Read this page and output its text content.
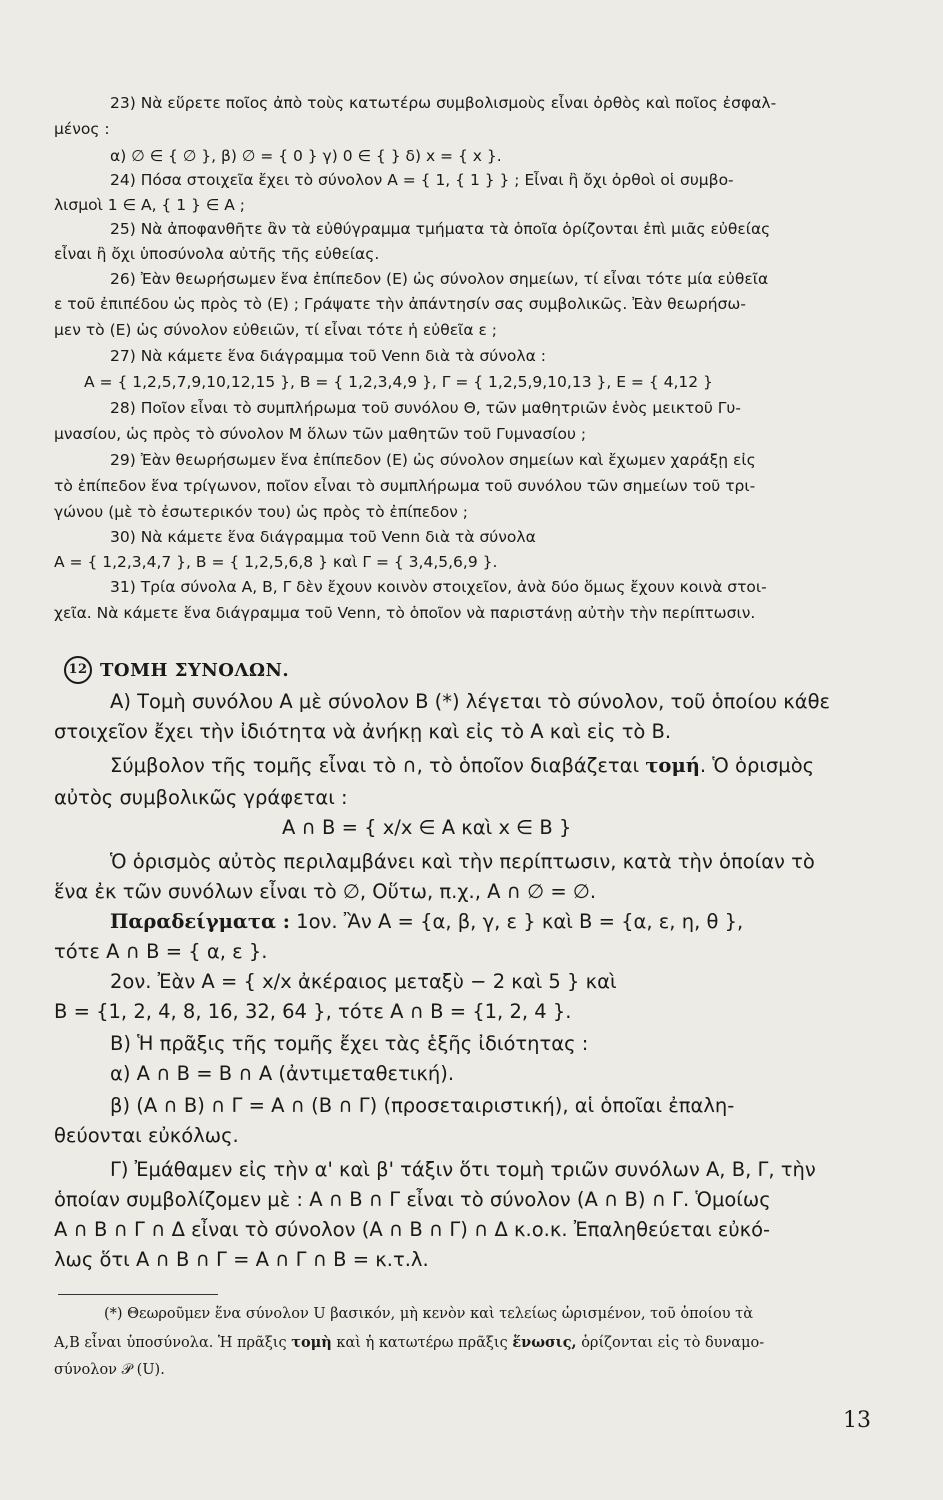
23) Νὰ εὕρετε ποῖος ἀπὸ τοὺς κατωτέρω συμβολισμοὺς εἶναι ὀρθὸς καὶ ποῖος ἐσφαλ-
μένος :
α) ∅ ∈ { ∅ }, β) ∅ = { 0 } γ) 0 ∈ { } δ) x = { x }.
24) Πόσα στοιχεῖα ἔχει τὸ σύνολον A = { 1, { 1 } } ; Εἶναι ἢ ὄχι ὀρθοὶ οἱ συμβο-
λισμοὶ 1 ∈ A, { 1 } ∈ A ;
25) Νὰ ἀποφανθῆτε ἂν τὰ εὐθύγραμμα τμήματα τὰ ὁποῖα ὁρίζονται ἐπὶ μιᾶς εὐθείας
εἶναι ἢ ὄχι ὑποσύνολα αὐτῆς τῆς εὐθείας.
26) Ἐὰν θεωρήσωμεν ἕνα ἐπίπεδον (E) ὡς σύνολον σημείων, τί εἶναι τότε μία εὐθεῖα
ε τοῦ ἐπιπέδου ὡς πρὸς τὸ (E) ; Γράψατε τὴν ἀπάντησίν σας συμβολικῶς. Ἐὰν θεωρήσω-
μεν τὸ (E) ὡς σύνολον εὐθειῶν, τί εἶναι τότε ἡ εὐθεῖα ε ;
27) Νὰ κάμετε ἕνα διάγραμμα τοῦ Venn διὰ τὰ σύνολα :
A = { 1,2,5,7,9,10,12,15 }, B = { 1,2,3,4,9 }, Γ = { 1,2,5,9,10,13 }, E = { 4,12 }
28) Ποῖον εἶναι τὸ συμπλήρωμα τοῦ συνόλου Θ, τῶν μαθητριῶν ἑνὸς μεικτοῦ Γυ-
μνασίου, ὡς πρὸς τὸ σύνολον M ὅλων τῶν μαθητῶν τοῦ Γυμνασίου ;
29) Ἐὰν θεωρήσωμεν ἕνα ἐπίπεδον (E) ὡς σύνολον σημείων καὶ ἔχωμεν χαράξῃ εἰς
τὸ ἐπίπεδον ἕνα τρίγωνον, ποῖον εἶναι τὸ συμπλήρωμα τοῦ συνόλου τῶν σημείων τοῦ τρι-
γώνου (μὲ τὸ ἐσωτερικόν του) ὡς πρὸς τὸ ἐπίπεδον ;
30) Νὰ κάμετε ἕνα διάγραμμα τοῦ Venn διὰ τὰ σύνολα
A = { 1,2,3,4,7 }, B = { 1,2,5,6,8 } καὶ Γ = { 3,4,5,6,9 }.
31) Τρία σύνολα A, B, Γ δὲν ἔχουν κοινὸν στοιχεῖον, ἀνὰ δύο ὅμως ἔχουν κοινὰ στοι-
χεῖα. Νὰ κάμετε ἕνα διάγραμμα τοῦ Venn, τὸ ὁποῖον νὰ παριστάνῃ αὐτὴν τὴν περίπτωσιν.
12 ΤΟΜΗ ΣΥΝΟΛΩΝ.
A) Τομὴ συνόλου A μὲ σύνολον B (*) λέγεται τὸ σύνολον, τοῦ ὁποίου κάθε
στοιχεῖον ἔχει τὴν ἰδιότητα νὰ ἀνήκῃ καὶ εἰς τὸ A καὶ εἰς τὸ B.
Σύμβολον τῆς τομῆς εἶναι τὸ ∩, τὸ ὁποῖον διαβάζεται τομή. Ὁ ὁρισμὸς
αὐτὸς συμβολικῶς γράφεται :
A ∩ B = { x/x ∈ A καὶ x ∈ B }
Ὁ ὁρισμὸς αὐτὸς περιλαμβάνει καὶ τὴν περίπτωσιν, κατὰ τὴν ὁποίαν τὸ
ἕνα ἐκ τῶν συνόλων εἶναι τὸ ∅, Οὕτω, π.χ., A ∩ ∅ = ∅.
Παραδείγματα : 1ον. Ἂν A = {α, β, γ, ε } καὶ B = {α, ε, η, θ },
τότε A ∩ B = { α, ε }.
2ον. Ἐὰν A = { x/x ἀκέραιος μεταξὺ − 2 καὶ 5 } καὶ
B = {1, 2, 4, 8, 16, 32, 64 }, τότε A ∩ B = {1, 2, 4 }.
B) Ἡ πρᾶξις τῆς τομῆς ἔχει τὰς ἑξῆς ἰδιότητας :
α) A ∩ B = B ∩ A (ἀντιμεταθετική).
β) (A ∩ B) ∩ Γ = A ∩ (B ∩ Γ) (προσεταιριστική), αἱ ὁποῖαι ἐπαλη-
θεύονται εὐκόλως.
Γ) Ἐμάθαμεν εἰς τὴν α' καὶ β' τάξιν ὅτι τομὴ τριῶν συνόλων A, B, Γ, τὴν
ὁποίαν συμβολίζομεν μὲ : A ∩ B ∩ Γ εἶναι τὸ σύνολον (A ∩ B) ∩ Γ. Ὁμοίως
A ∩ B ∩ Γ ∩ Δ εἶναι τὸ σύνολον (A ∩ B ∩ Γ) ∩ Δ κ.ο.κ. Ἐπαληθεύεται εὐκό-
λως ὅτι A ∩ B ∩ Γ = A ∩ Γ ∩ B = κ.τ.λ.
(*) Θεωροῦμεν ἕνα σύνολον U βασικόν, μὴ κενὸν καὶ τελείως ὡρισμένον, τοῦ ὁποίου τὰ
A,B εἶναι ὑποσύνολα. Ἡ πρᾶξις τομὴ καὶ ἡ κατωτέρω πρᾶξις ἕνωσις, ὁρίζονται εἰς τὸ δυναμο-
σύνολον 𝒫 (U).
13
